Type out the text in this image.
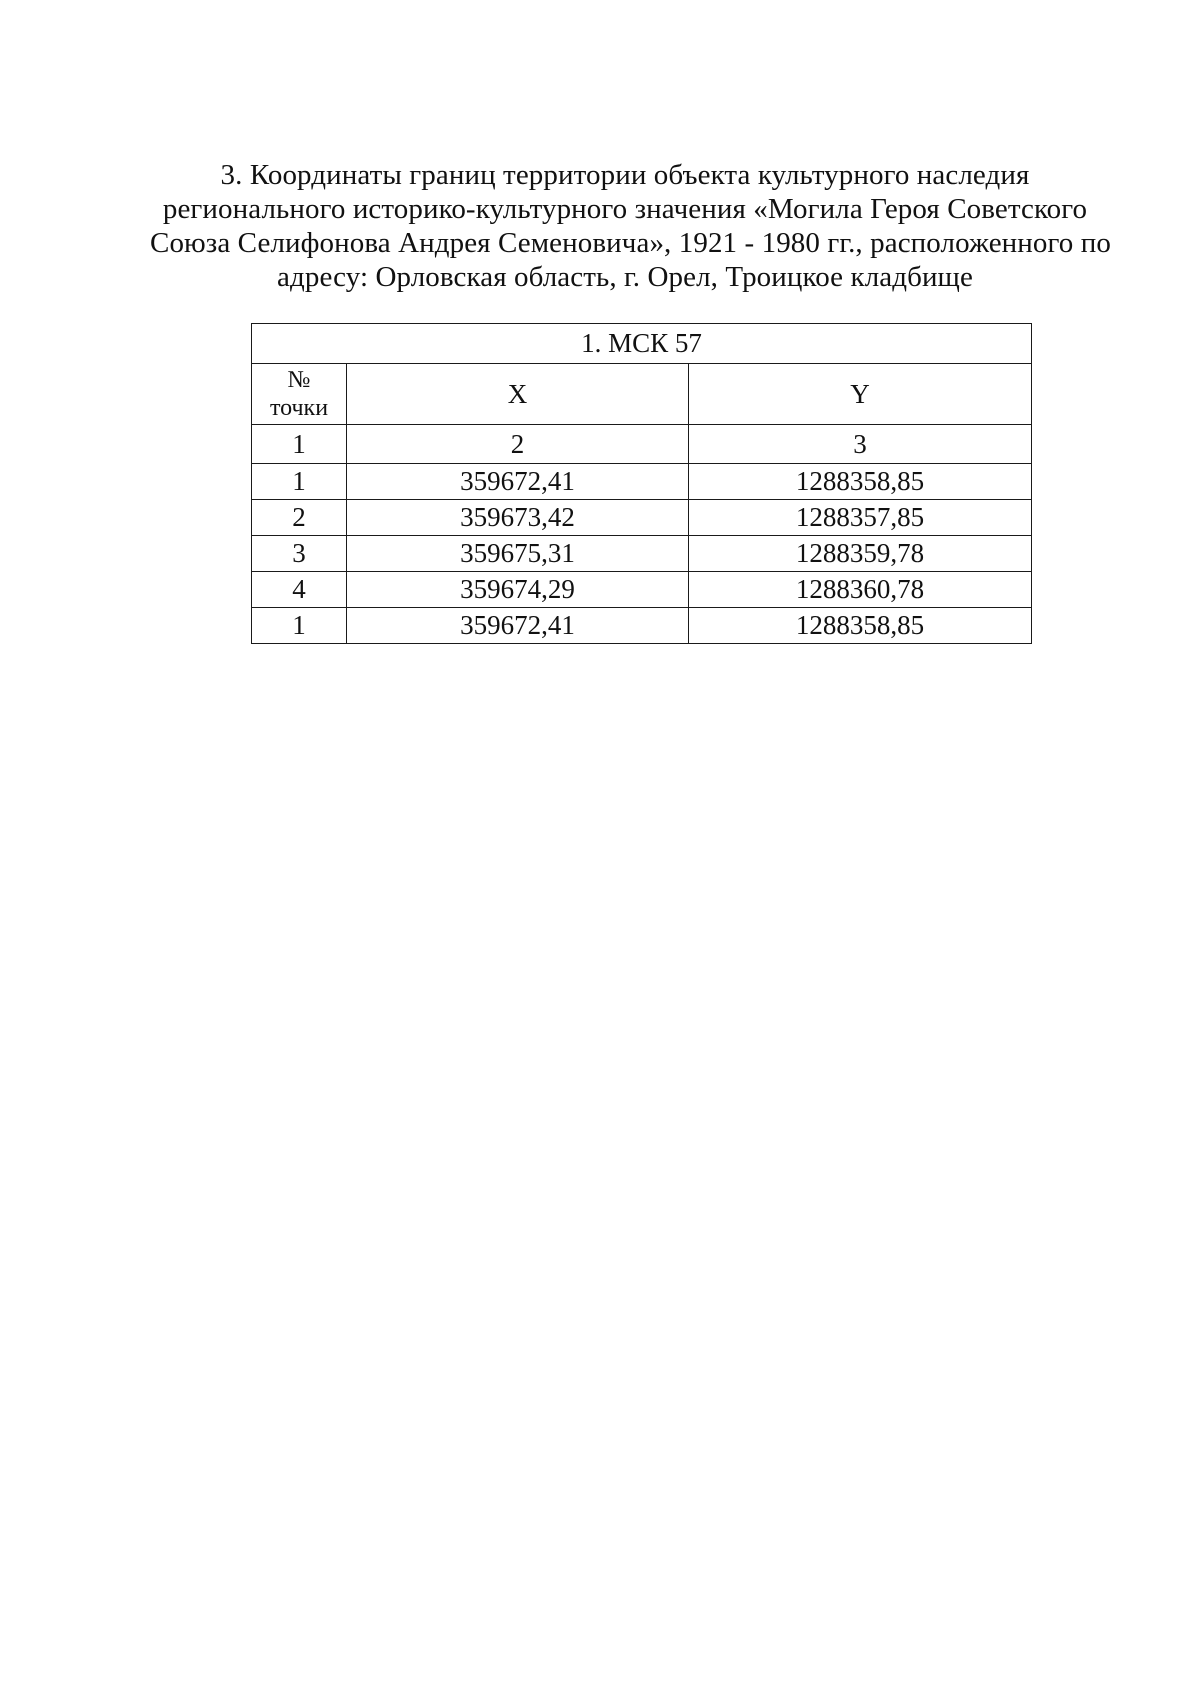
3. Координаты границ территории объекта культурного наследия
регионального историко-культурного значения «Могила Героя Советского
Союза Селифонова Андрея Семеновича», 1921 - 1980 гг., расположенного по
адресу: Орловская область, г. Орел, Троицкое кладбище
1. МСК 57		

№
точки	X	Y
1	2	3
1	359672,41	1288358,85
2	359673,42	1288357,85
3	359675,31	1288359,78
4	359674,29	1288360,78
1	359672,41	1288358,85
